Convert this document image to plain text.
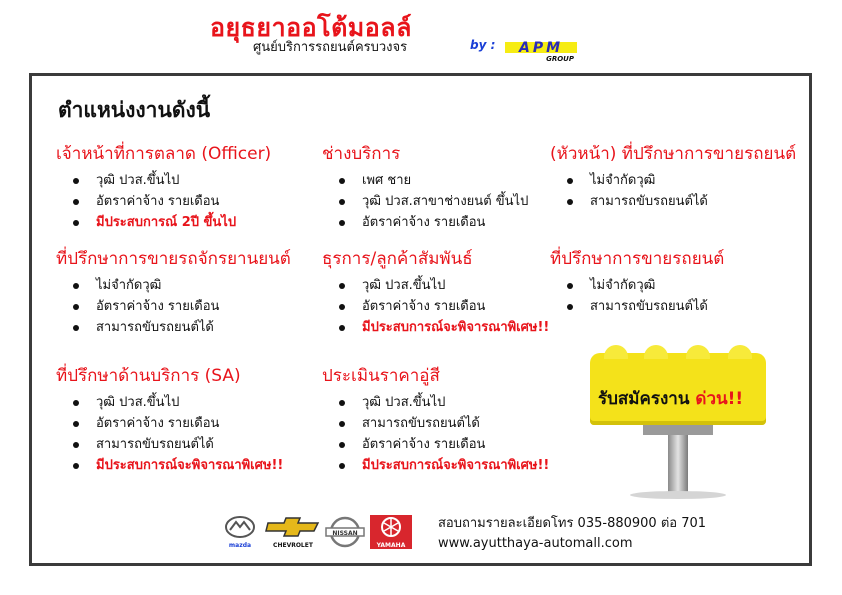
อยุธยาออโต้มอลล์
ศูนย์บริการรถยนต์ครบวงจร	by : APM
GROUP
ตำแหน่งงานดังนี้
เจ้าหน้าที่การตลาด (Officer)
วุฒิ ปวส.ขึ้นไป
อัตราค่าจ้าง รายเดือน
มีประสบการณ์ 2ปี ขึ้นไป
ที่ปรึกษาการขายรถจักรยานยนต์
ไม่จำกัดวุฒิ
อัตราค่าจ้าง รายเดือน
สามารถขับรถยนต์ได้
ที่ปรึกษาด้านบริการ (SA)
วุฒิ ปวส.ขึ้นไป
อัตราค่าจ้าง รายเดือน
สามารถขับรถยนต์ได้
มีประสบการณ์จะพิจารณาพิเศษ!!
ช่างบริการ
เพศ ชาย
วุฒิ ปวส.สาขาช่างยนต์ ขึ้นไป
อัตราค่าจ้าง รายเดือน
ธุรการ/ลูกค้าสัมพันธ์
วุฒิ ปวส.ขึ้นไป
อัตราค่าจ้าง รายเดือน
มีประสบการณ์จะพิจารณาพิเศษ!!
ประเมินราคาอู่สี
วุฒิ ปวส.ขึ้นไป
สามารถขับรถยนต์ได้
อัตราค่าจ้าง รายเดือน
มีประสบการณ์จะพิจารณาพิเศษ!!
(หัวหน้า) ที่ปรึกษาการขายรถยนต์
ไม่จำกัดวุฒิ
สามารถขับรถยนต์ได้
ที่ปรึกษาการขายรถยนต์
ไม่จำกัดวุฒิ
สามารถขับรถยนต์ได้
รับสมัครงาน ด่วน!!
mazda	CHEVROLET
NISSAN
YAMAHA
สอบถามรายละเอียดโทร 035-880900 ต่อ 701
www.ayutthaya-automall.com
